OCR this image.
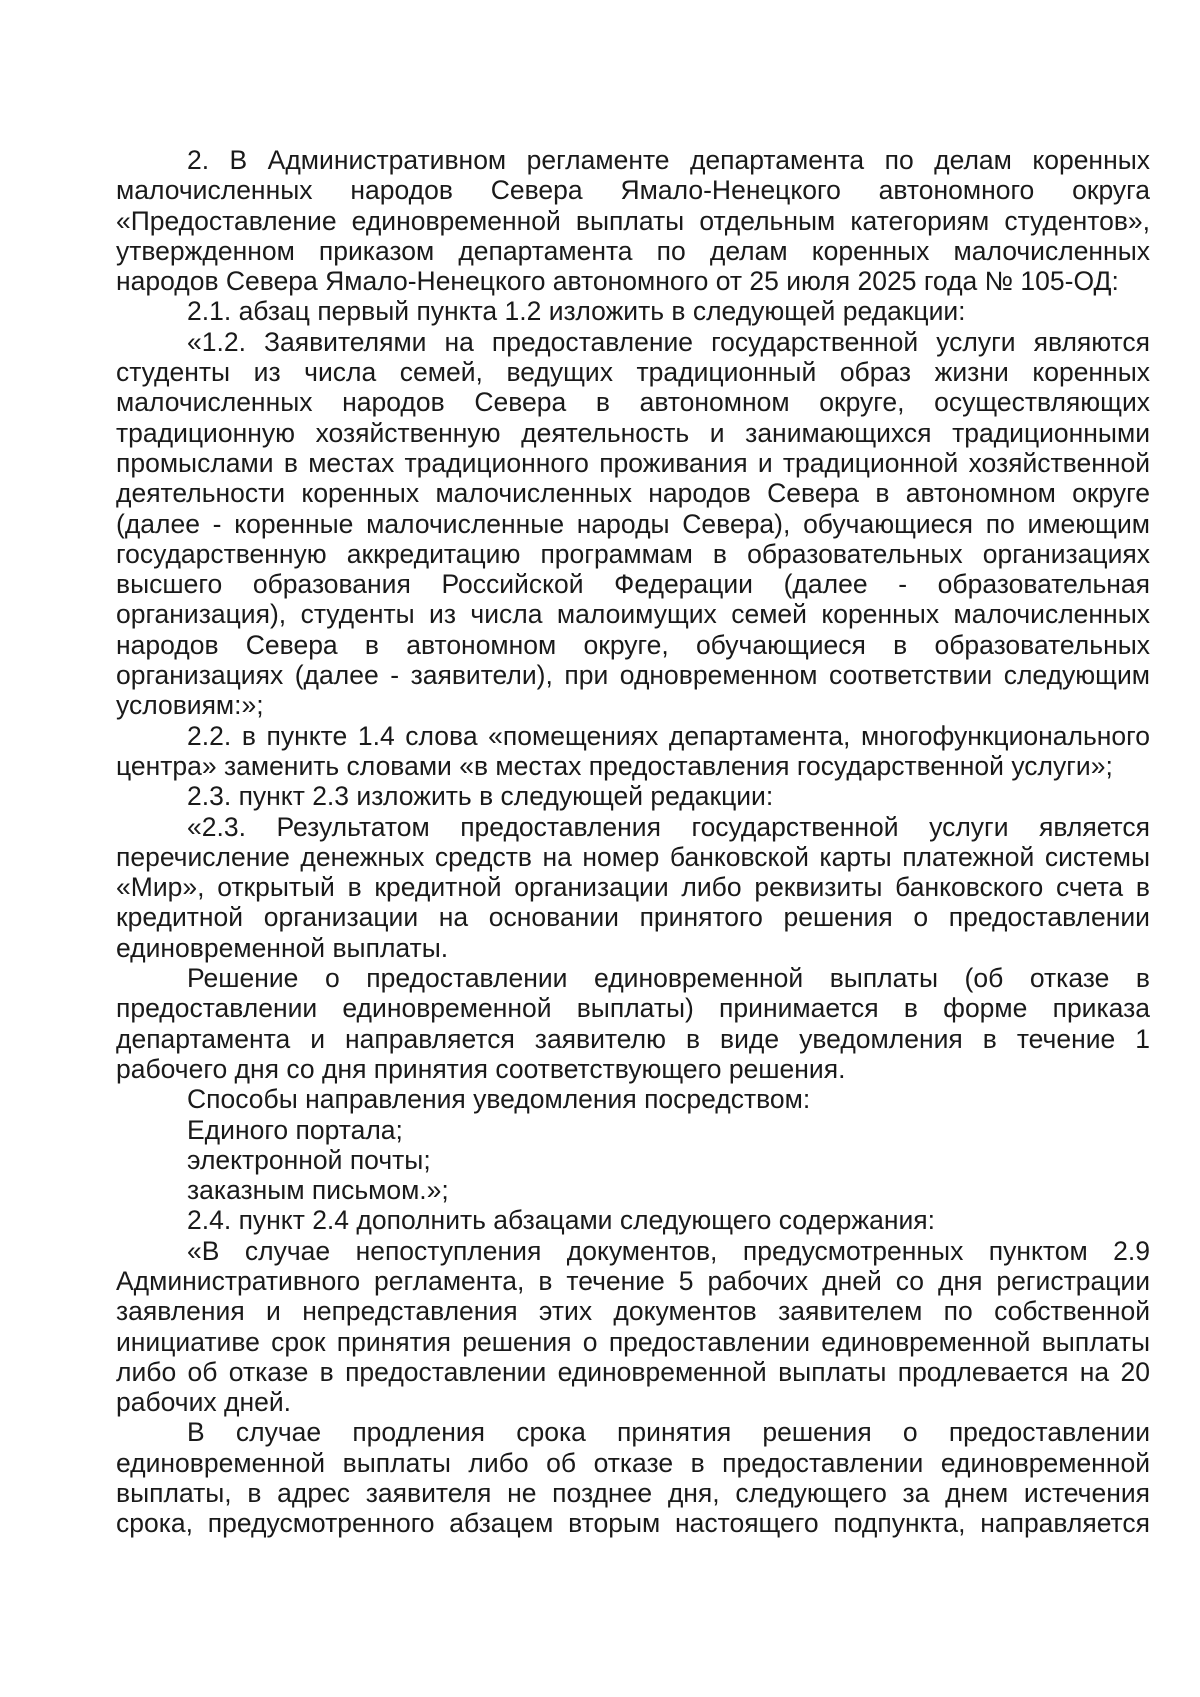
2. В Административном регламенте департамента по делам коренных малочисленных народов Севера Ямало-Ненецкого автономного округа «Предоставление единовременной выплаты отдельным категориям студентов», утвержденном приказом департамента по делам коренных малочисленных народов Севера Ямало-Ненецкого автономного от 25 июля 2025 года № 105-ОД:

2.1. абзац первый пункта 1.2 изложить в следующей редакции:

«1.2. Заявителями на предоставление государственной услуги являются студенты из числа семей, ведущих традиционный образ жизни коренных малочисленных народов Севера в автономном округе, осуществляющих традиционную хозяйственную деятельность и занимающихся традиционными промыслами в местах традиционного проживания и традиционной хозяйственной деятельности коренных малочисленных народов Севера в автономном округе (далее - коренные малочисленные народы Севера), обучающиеся по имеющим государственную аккредитацию программам в образовательных организациях высшего образования Российской Федерации (далее - образовательная организация), студенты из числа малоимущих семей коренных малочисленных народов Севера в автономном округе, обучающиеся в образовательных организациях (далее - заявители), при одновременном соответствии следующим условиям:»;

2.2. в пункте 1.4 слова «помещениях департамента, многофункционального центра» заменить словами «в местах предоставления государственной услуги»;

2.3. пункт 2.3 изложить в следующей редакции:

«2.3. Результатом предоставления государственной услуги является перечисление денежных средств на номер банковской карты платежной системы «Мир», открытый в кредитной организации либо реквизиты банковского счета в кредитной организации на основании принятого решения о предоставлении единовременной выплаты.

Решение о предоставлении единовременной выплаты (об отказе в предоставлении единовременной выплаты) принимается в форме приказа департамента и направляется заявителю в виде уведомления в течение 1 рабочего дня со дня принятия соответствующего решения.

Способы направления уведомления посредством:

Единого портала;

электронной почты;

заказным письмом.»;

2.4. пункт 2.4 дополнить абзацами следующего содержания:

«В случае непоступления документов, предусмотренных пунктом 2.9 Административного регламента, в течение 5 рабочих дней со дня регистрации заявления и непредставления этих документов заявителем по собственной инициативе срок принятия решения о предоставлении единовременной выплаты либо об отказе в предоставлении единовременной выплаты продлевается на 20 рабочих дней.

В случае продления срока принятия решения о предоставлении единовременной выплаты либо об отказе в предоставлении единовременной выплаты, в адрес заявителя не позднее дня, следующего за днем истечения срока, предусмотренного абзацем вторым настоящего подпункта, направляется
